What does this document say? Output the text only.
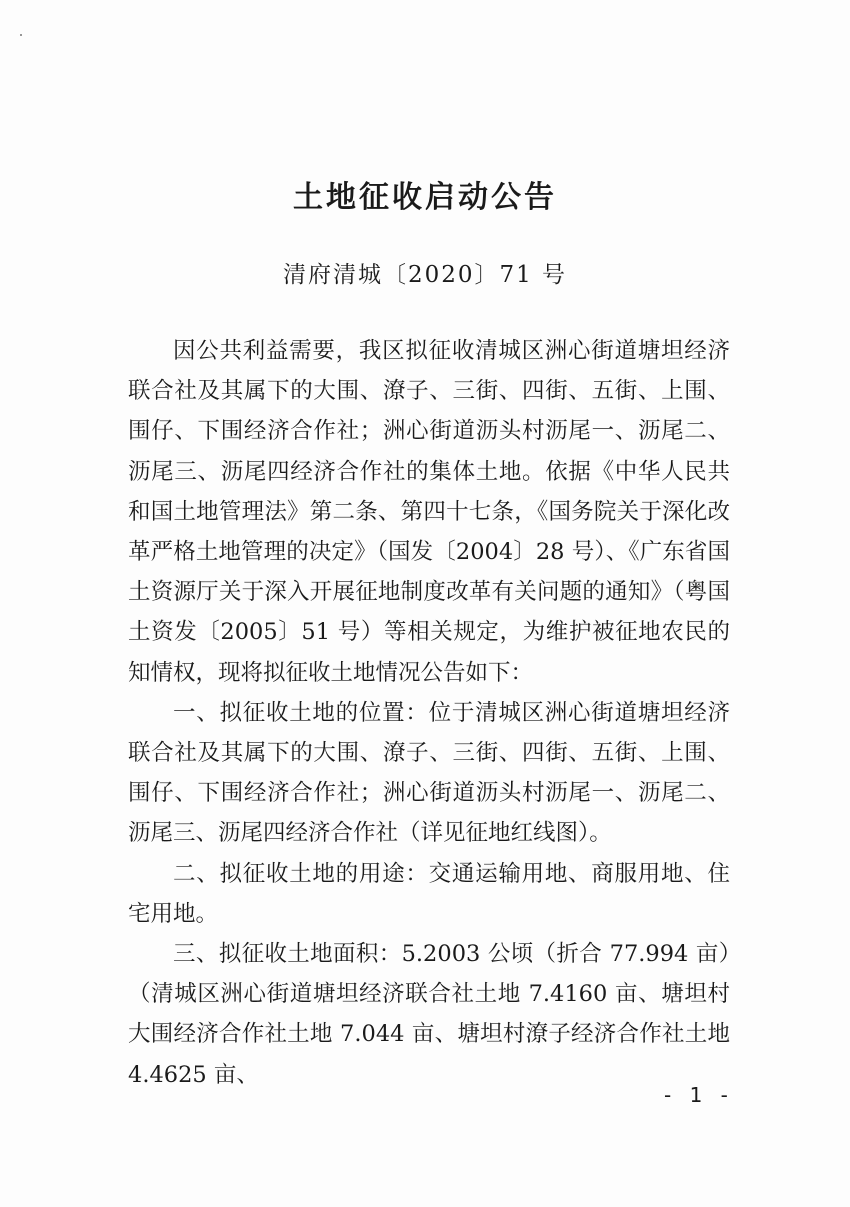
土地征收启动公告
清府清城〔2020〕71 号

因公共利益需要，我区拟征收清城区洲心街道塘坦经济联合社及其属下的大围、潦子、三街、四街、五街、上围、围仔、下围经济合作社；洲心街道沥头村沥尾一、沥尾二、沥尾三、沥尾四经济合作社的集体土地。依据《中华人民共和国土地管理法》第二条、第四十七条，《国务院关于深化改革严格土地管理的决定》（国发〔2004〕28 号）、《广东省国土资源厅关于深入开展征地制度改革有关问题的通知》（粤国土资发〔2005〕51 号）等相关规定，为维护被征地农民的知情权，现将拟征收土地情况公告如下：

一、拟征收土地的位置：位于清城区洲心街道塘坦经济联合社及其属下的大围、潦子、三街、四街、五街、上围、围仔、下围经济合作社；洲心街道沥头村沥尾一、沥尾二、沥尾三、沥尾四经济合作社（详见征地红线图）。

二、拟征收土地的用途：交通运输用地、商服用地、住宅用地。

三、拟征收土地面积：5.2003 公顷（折合 77.994 亩）（清城区洲心街道塘坦经济联合社土地 7.4160 亩、塘坦村大围经济合作社土地 7.044 亩、塘坦村潦子经济合作社土地 4.4625 亩、

- 1 -
